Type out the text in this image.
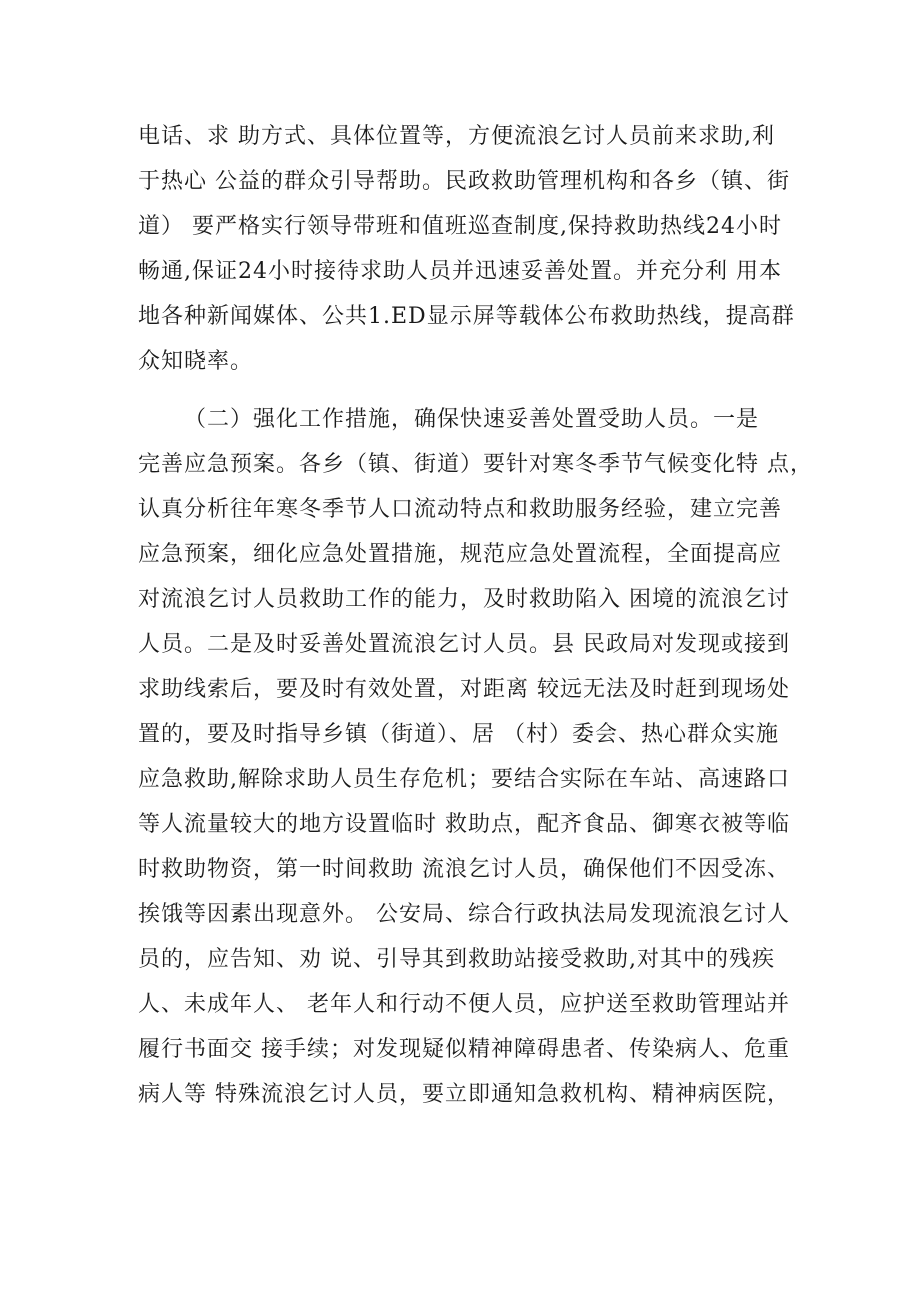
电话、求 助方式、具体位置等，方便流浪乞讨人员前来求助,利
于热心 公益的群众引导帮助。民政救助管理机构和各乡（镇、街
道） 要严格实行领导带班和值班巡查制度,保持救助热线24小时
畅通,保证24小时接待求助人员并迅速妥善处置。并充分利 用本
地各种新闻媒体、公共1.ED显示屏等载体公布救助热线，提高群
众知晓率。
（二）强化工作措施，确保快速妥善处置受助人员。一是
完善应急预案。各乡（镇、街道）要针对寒冬季节气候变化特 点，
认真分析往年寒冬季节人口流动特点和救助服务经验，建立完善
应急预案，细化应急处置措施，规范应急处置流程，全面提高应
对流浪乞讨人员救助工作的能力，及时救助陷入 困境的流浪乞讨
人员。二是及时妥善处置流浪乞讨人员。县 民政局对发现或接到
求助线索后，要及时有效处置，对距离 较远无法及时赶到现场处
置的，要及时指导乡镇（街道）、居 （村）委会、热心群众实施
应急救助,解除求助人员生存危机；要结合实际在车站、高速路口
等人流量较大的地方设置临时 救助点，配齐食品、御寒衣被等临
时救助物资，第一时间救助 流浪乞讨人员，确保他们不因受冻、
挨饿等因素出现意外。 公安局、综合行政执法局发现流浪乞讨人
员的，应告知、劝 说、引导其到救助站接受救助,对其中的残疾
人、未成年人、 老年人和行动不便人员，应护送至救助管理站并
履行书面交 接手续；对发现疑似精神障碍患者、传染病人、危重
病人等 特殊流浪乞讨人员，要立即通知急救机构、精神病医院，
